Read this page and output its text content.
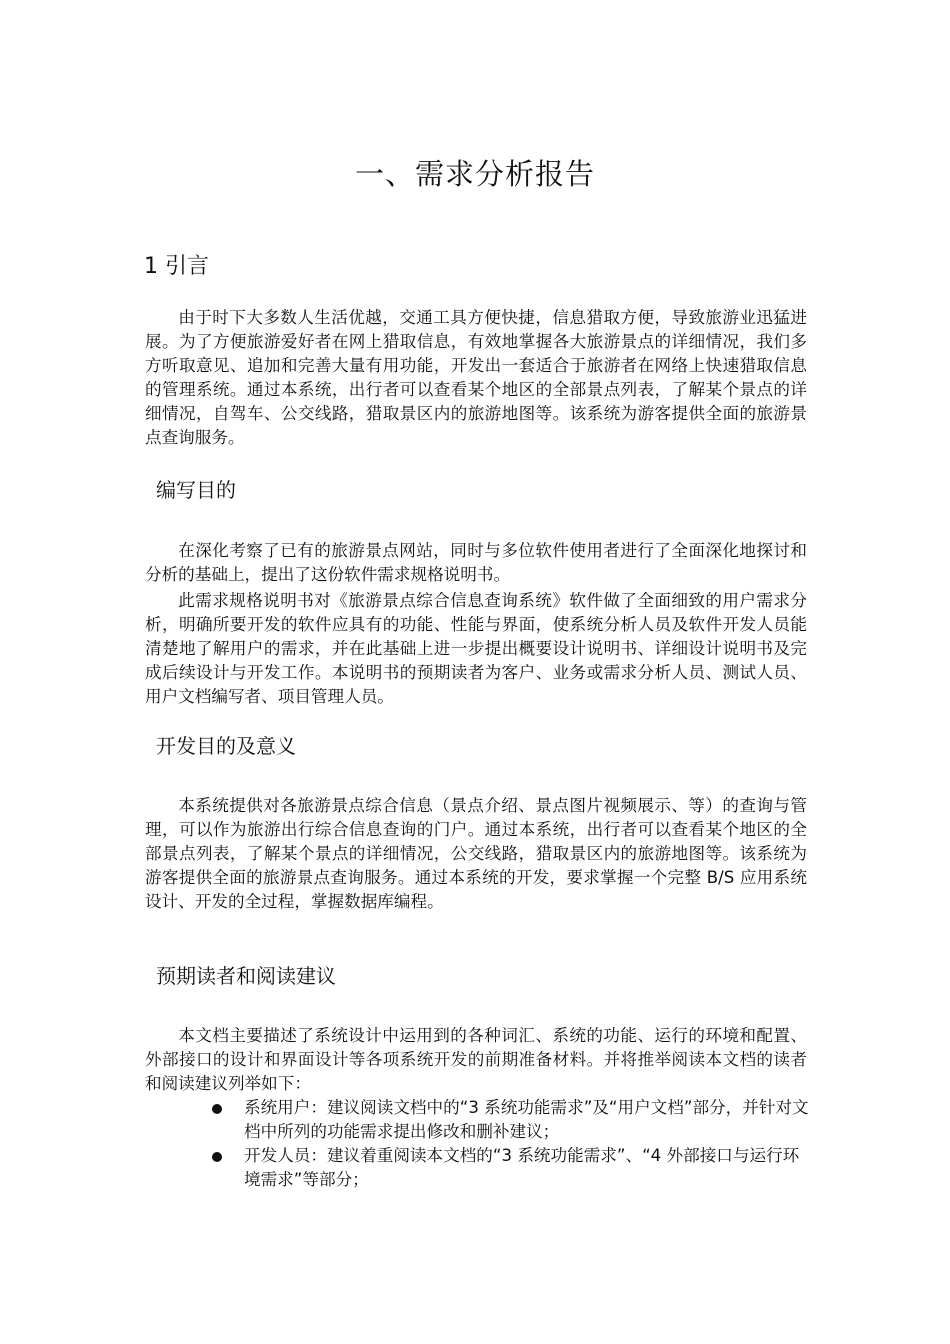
一、需求分析报告
1 引言
由于时下大多数人生活优越，交通工具方便快捷，信息猎取方便，导致旅游业迅猛进展。为了方便旅游爱好者在网上猎取信息，有效地掌握各大旅游景点的详细情况，我们多方听取意见、追加和完善大量有用功能，开发出一套适合于旅游者在网络上快速猎取信息的管理系统。通过本系统，出行者可以查看某个地区的全部景点列表，了解某个景点的详细情况，自驾车、公交线路，猎取景区内的旅游地图等。该系统为游客提供全面的旅游景点查询服务。
编写目的
在深化考察了已有的旅游景点网站，同时与多位软件使用者进行了全面深化地探讨和分析的基础上，提出了这份软件需求规格说明书。
此需求规格说明书对《旅游景点综合信息查询系统》软件做了全面细致的用户需求分析，明确所要开发的软件应具有的功能、性能与界面，使系统分析人员及软件开发人员能清楚地了解用户的需求，并在此基础上进一步提出概要设计说明书、详细设计说明书及完成后续设计与开发工作。本说明书的预期读者为客户、业务或需求分析人员、测试人员、用户文档编写者、项目管理人员。
开发目的及意义
本系统提供对各旅游景点综合信息（景点介绍、景点图片视频展示、等）的查询与管理，可以作为旅游出行综合信息查询的门户。通过本系统，出行者可以查看某个地区的全部景点列表，了解某个景点的详细情况，公交线路，猎取景区内的旅游地图等。该系统为游客提供全面的旅游景点查询服务。通过本系统的开发，要求掌握一个完整 B/S 应用系统设计、开发的全过程，掌握数据库编程。
预期读者和阅读建议
本文档主要描述了系统设计中运用到的各种词汇、系统的功能、运行的环境和配置、外部接口的设计和界面设计等各项系统开发的前期准备材料。并将推举阅读本文档的读者和阅读建议列举如下：
系统用户：建议阅读文档中的“3 系统功能需求”及“用户文档”部分，并针对文档中所列的功能需求提出修改和删补建议；
开发人员：建议着重阅读本文档的“3 系统功能需求”、“4 外部接口与运行环境需求”等部分；
